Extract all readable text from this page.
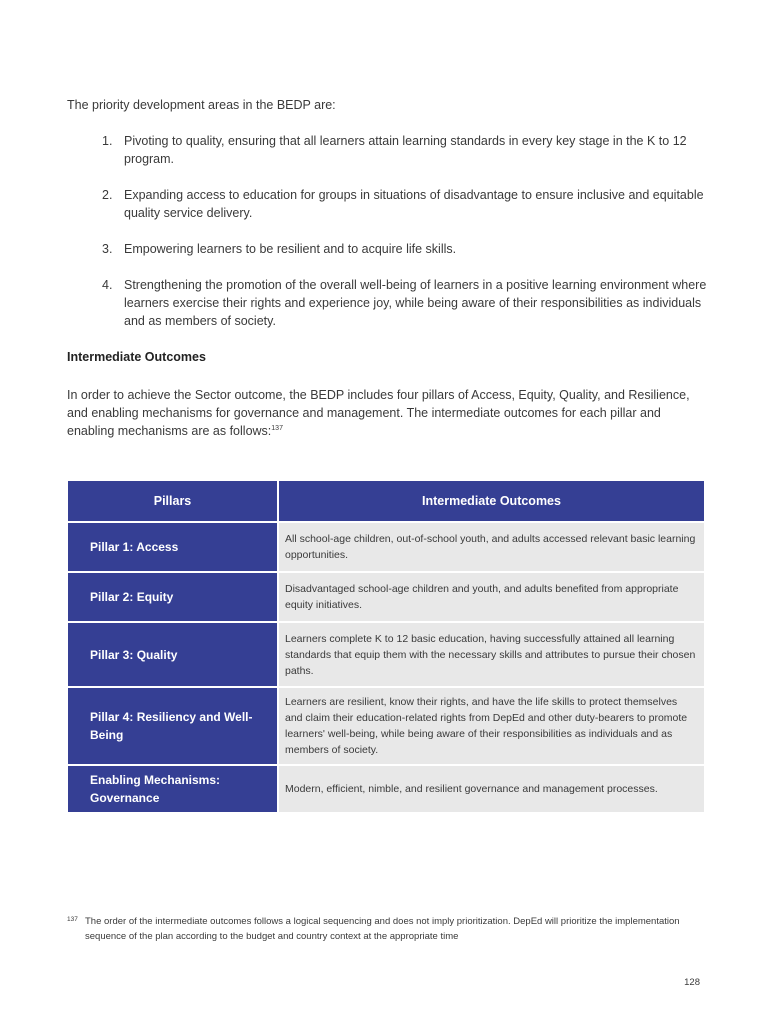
The priority development areas in the BEDP are:

1. Pivoting to quality, ensuring that all learners attain learning standards in every key stage in the K to 12 program.
2. Expanding access to education for groups in situations of disadvantage to ensure inclusive and equitable quality service delivery.
3. Empowering learners to be resilient and to acquire life skills.
4. Strengthening the promotion of the overall well-being of learners in a positive learning environment where learners exercise their rights and experience joy, while being aware of their responsibilities as individuals and as members of society.
Intermediate Outcomes

In order to achieve the Sector outcome, the BEDP includes four pillars of Access, Equity, Quality, and Resilience, and enabling mechanisms for governance and management. The intermediate outcomes for each pillar and enabling mechanisms are as follows:$^{137}$

Pillars	Intermediate Outcomes
Pillar 1: Access	All school-age children, out-of-school youth, and adults accessed relevant basic learning opportunities.
Pillar 2: Equity	Disadvantaged school-age children and youth, and adults benefited from appropriate equity initiatives.
Pillar 3: Quality	Learners complete K to 12 basic education, having successfully attained all learning standards that equip them with the necessary skills and attributes to pursue their chosen paths.
Pillar 4: Resiliency and Well-Being	Learners are resilient, know their rights, and have the life skills to protect themselves and claim their education-related rights from DepEd and other duty-bearers to promote learners' well-being, while being aware of their responsibilities as individuals and as members of society.
Enabling Mechanisms: Governance	Modern, efficient, nimble, and resilient governance and management processes.
137 The order of the intermediate outcomes follows a logical sequencing and does not imply prioritization. DepEd will prioritize the implementation sequence of the plan according to the budget and country context at the appropriate time
128
